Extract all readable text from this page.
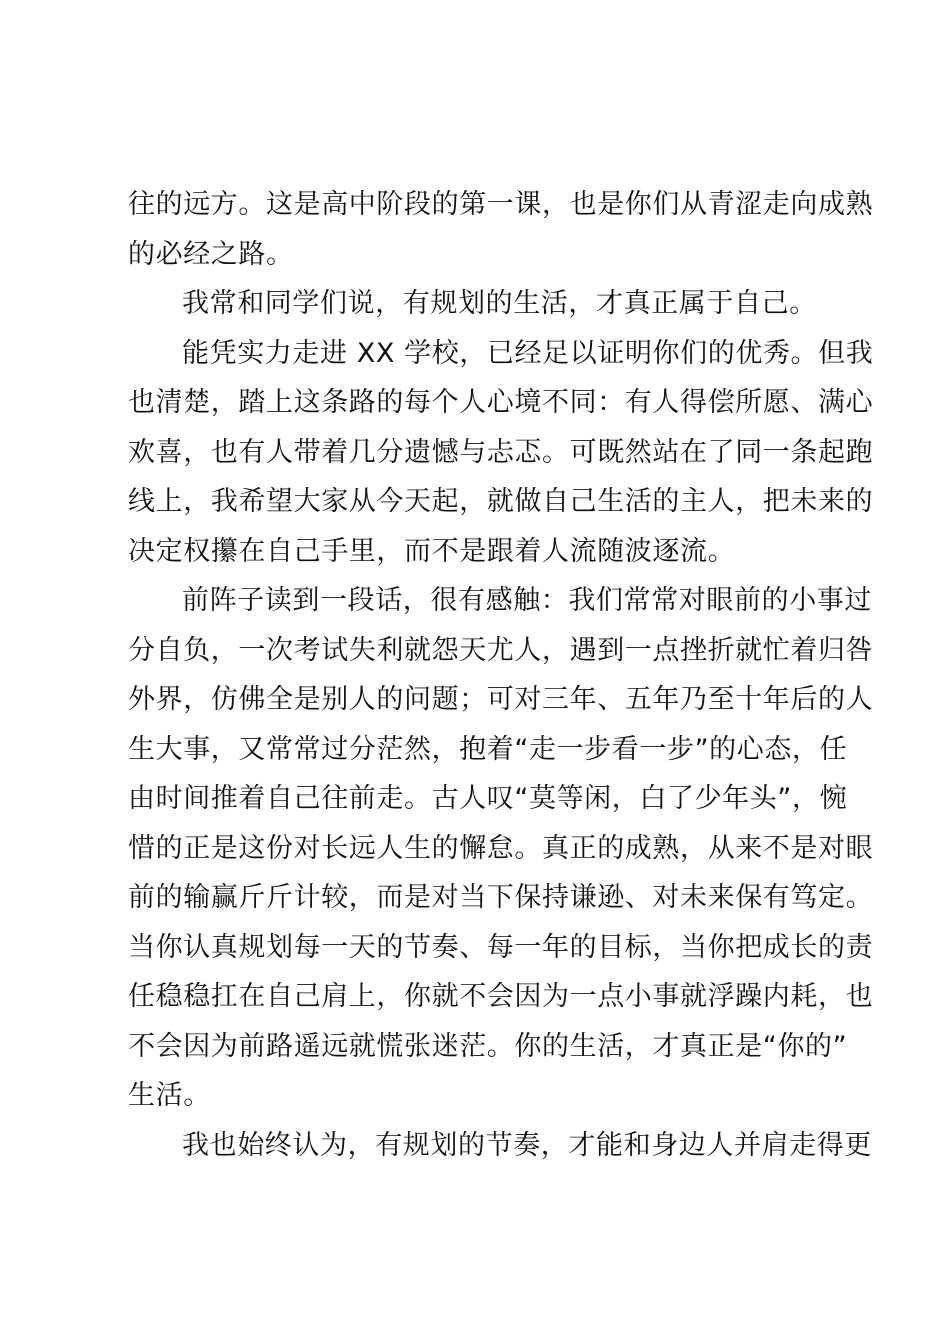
往的远方。这是高中阶段的第一课，也是你们从青涩走向成熟
的必经之路。
我常和同学们说，有规划的生活，才真正属于自己。
能凭实力走进 XX 学校，已经足以证明你们的优秀。但我
也清楚，踏上这条路的每个人心境不同：有人得偿所愿、满心
欢喜，也有人带着几分遗憾与忐忑。可既然站在了同一条起跑
线上，我希望大家从今天起，就做自己生活的主人，把未来的
决定权攥在自己手里，而不是跟着人流随波逐流。
前阵子读到一段话，很有感触：我们常常对眼前的小事过
分自负，一次考试失利就怨天尤人，遇到一点挫折就忙着归咎
外界，仿佛全是别人的问题；可对三年、五年乃至十年后的人
生大事，又常常过分茫然，抱着“走一步看一步”的心态，任
由时间推着自己往前走。古人叹“莫等闲，白了少年头”，惋
惜的正是这份对长远人生的懈怠。真正的成熟，从来不是对眼
前的输赢斤斤计较，而是对当下保持谦逊、对未来保有笃定。
当你认真规划每一天的节奏、每一年的目标，当你把成长的责
任稳稳扛在自己肩上，你就不会因为一点小事就浮躁内耗，也
不会因为前路遥远就慌张迷茫。你的生活，才真正是“你的”
生活。
我也始终认为，有规划的节奏，才能和身边人并肩走得更
